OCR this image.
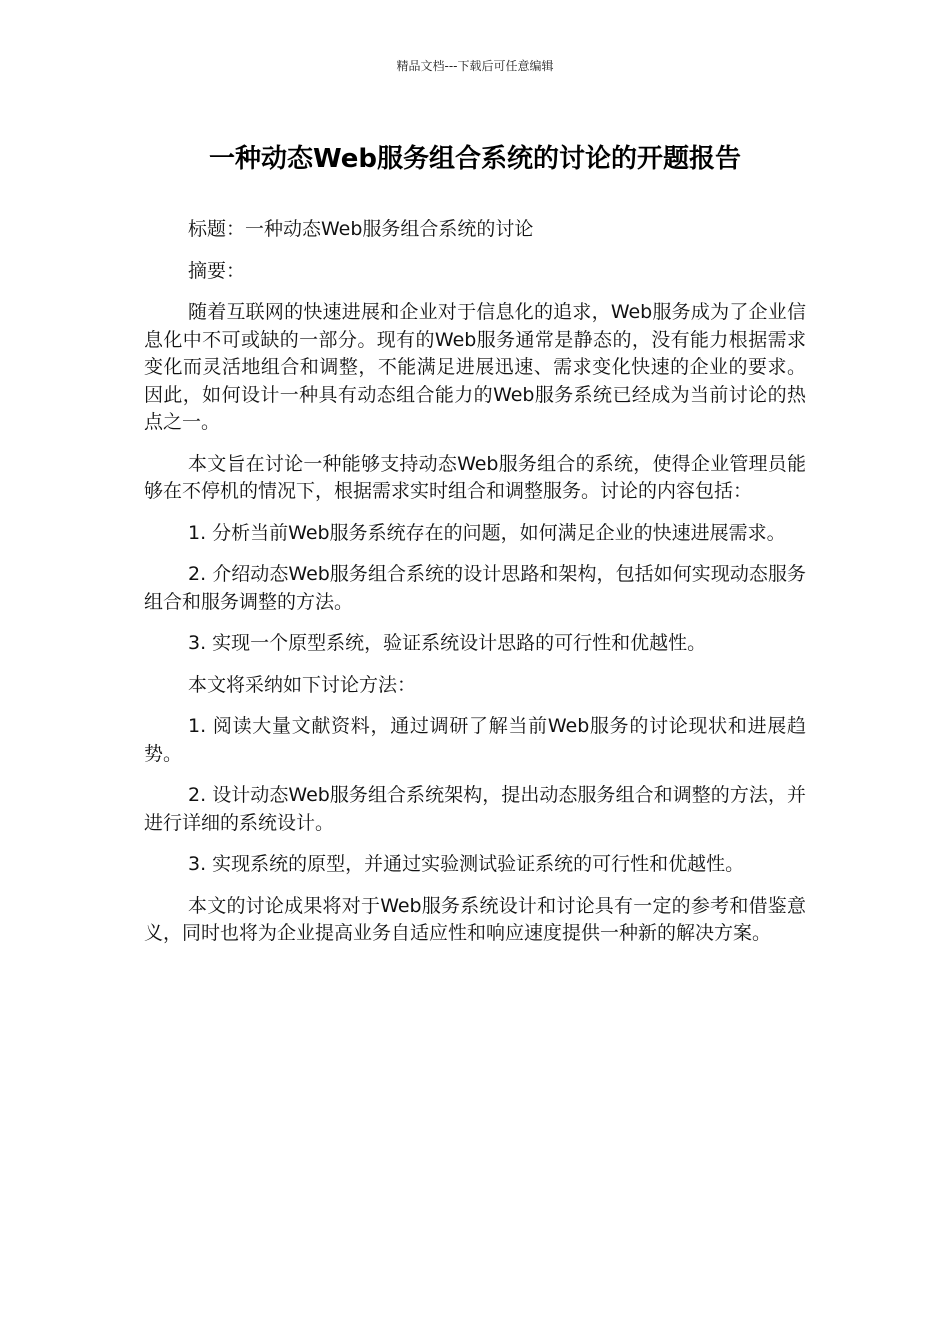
精品文档---下载后可任意编辑
一种动态Web服务组合系统的讨论的开题报告

标题：一种动态Web服务组合系统的讨论

摘要：

随着互联网的快速进展和企业对于信息化的追求，Web服务成为了企业信息化中不可或缺的一部分。现有的Web服务通常是静态的，没有能力根据需求变化而灵活地组合和调整，不能满足进展迅速、需求变化快速的企业的要求。因此，如何设计一种具有动态组合能力的Web服务系统已经成为当前讨论的热点之一。

本文旨在讨论一种能够支持动态Web服务组合的系统，使得企业管理员能够在不停机的情况下，根据需求实时组合和调整服务。讨论的内容包括：

1. 分析当前Web服务系统存在的问题，如何满足企业的快速进展需求。

2. 介绍动态Web服务组合系统的设计思路和架构，包括如何实现动态服务组合和服务调整的方法。

3. 实现一个原型系统，验证系统设计思路的可行性和优越性。

本文将采纳如下讨论方法：

1. 阅读大量文献资料，通过调研了解当前Web服务的讨论现状和进展趋势。

2. 设计动态Web服务组合系统架构，提出动态服务组合和调整的方法，并进行详细的系统设计。

3. 实现系统的原型，并通过实验测试验证系统的可行性和优越性。

本文的讨论成果将对于Web服务系统设计和讨论具有一定的参考和借鉴意义，同时也将为企业提高业务自适应性和响应速度提供一种新的解决方案。
